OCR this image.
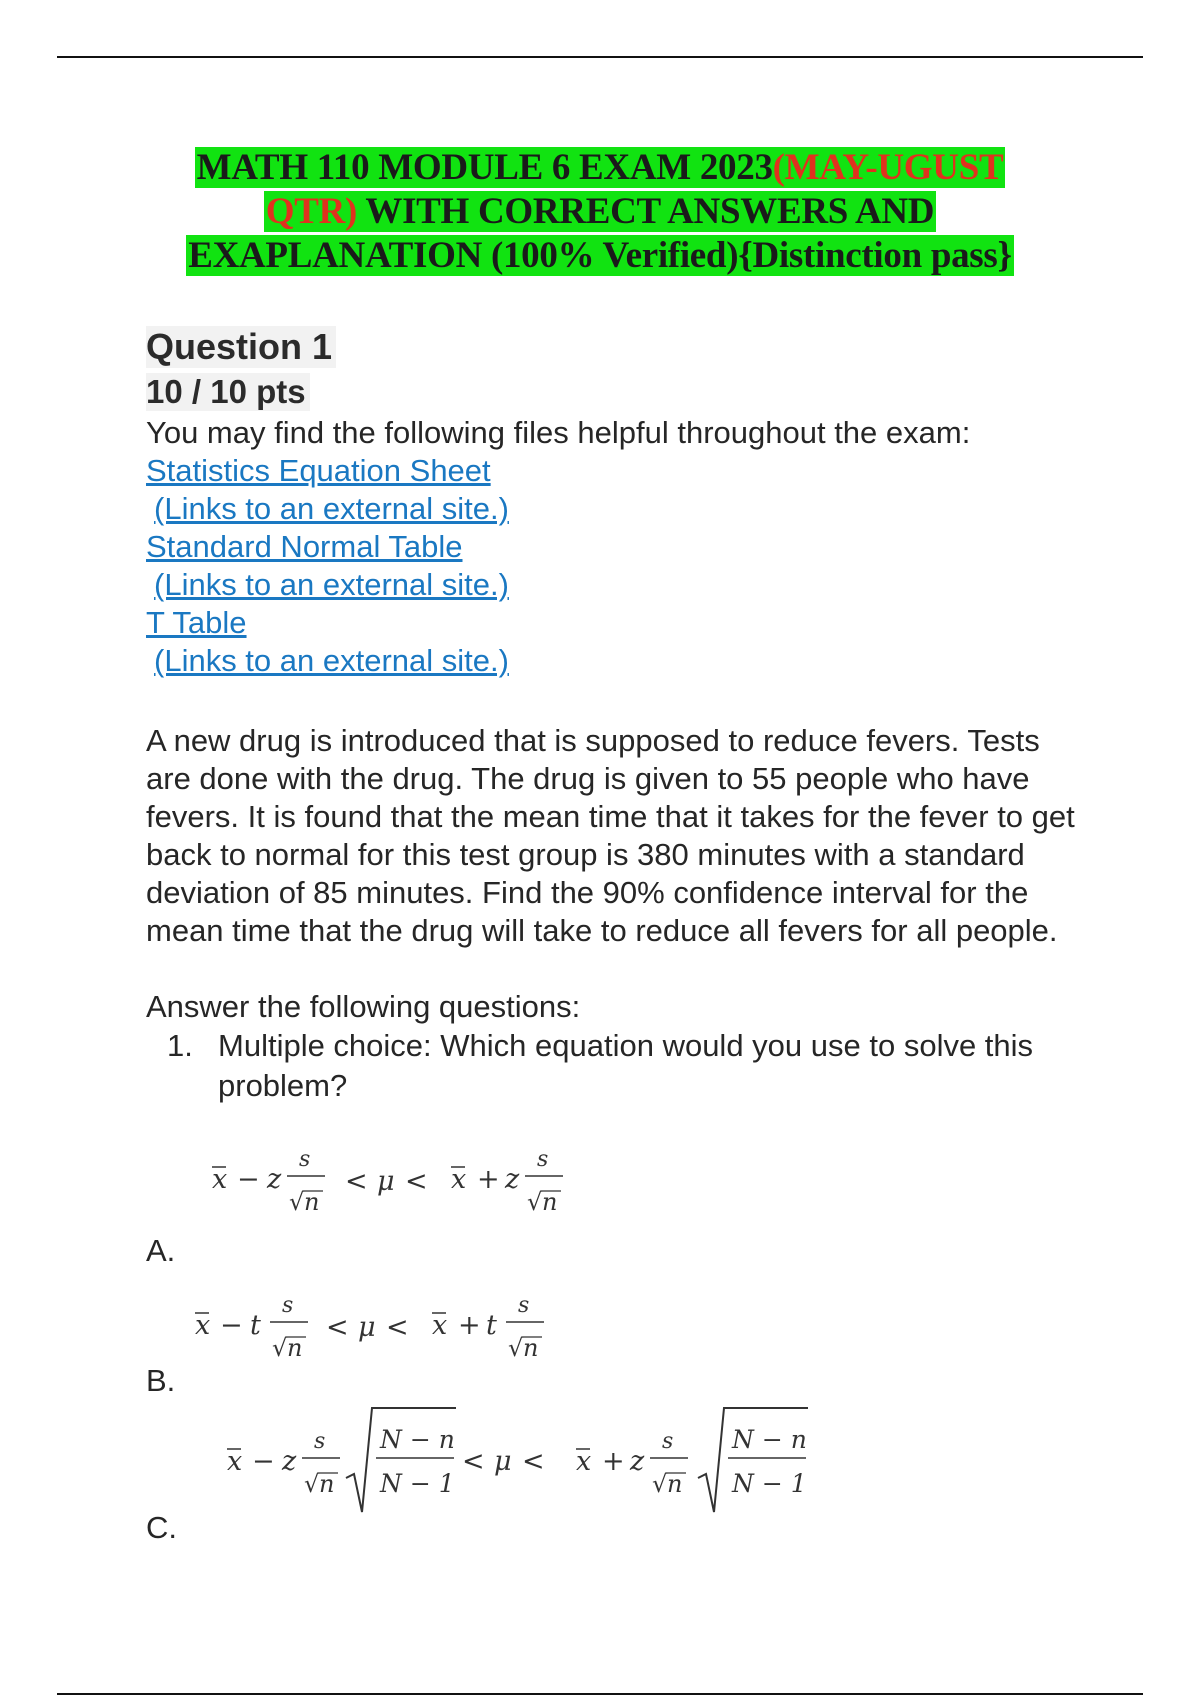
MATH 110 MODULE 6 EXAM 2023(MAY-UGUST
QTR) WITH CORRECT ANSWERS AND
EXAPLANATION (100% Verified){Distinction pass}
Question 1
10 / 10 pts
You may find the following files helpful throughout the exam:
Statistics Equation Sheet
(Links to an external site.)
Standard Normal Table
(Links to an external site.)
T Table
(Links to an external site.)
A new drug is introduced that is supposed to reduce fevers. Tests are done with the drug. The drug is given to 55 people who have fevers. It is found that the mean time that it takes for the fever to get back to normal for this test group is 380 minutes with a standard deviation of 85 minutes. Find the 90% confidence interval for the mean time that the drug will take to reduce all fevers for all people.
Answer the following questions:
1. Multiple choice: Which equation would you use to solve this problem?
x − z
s
√ n
< μ < x + z
s
√ n
A.
x − t
s
√ n
< μ < x + t
s
√ n
B.
x − z
s
√ n
N − n
N − 1
< μ < x + z
s
√ n
N − n
N − 1
C.
